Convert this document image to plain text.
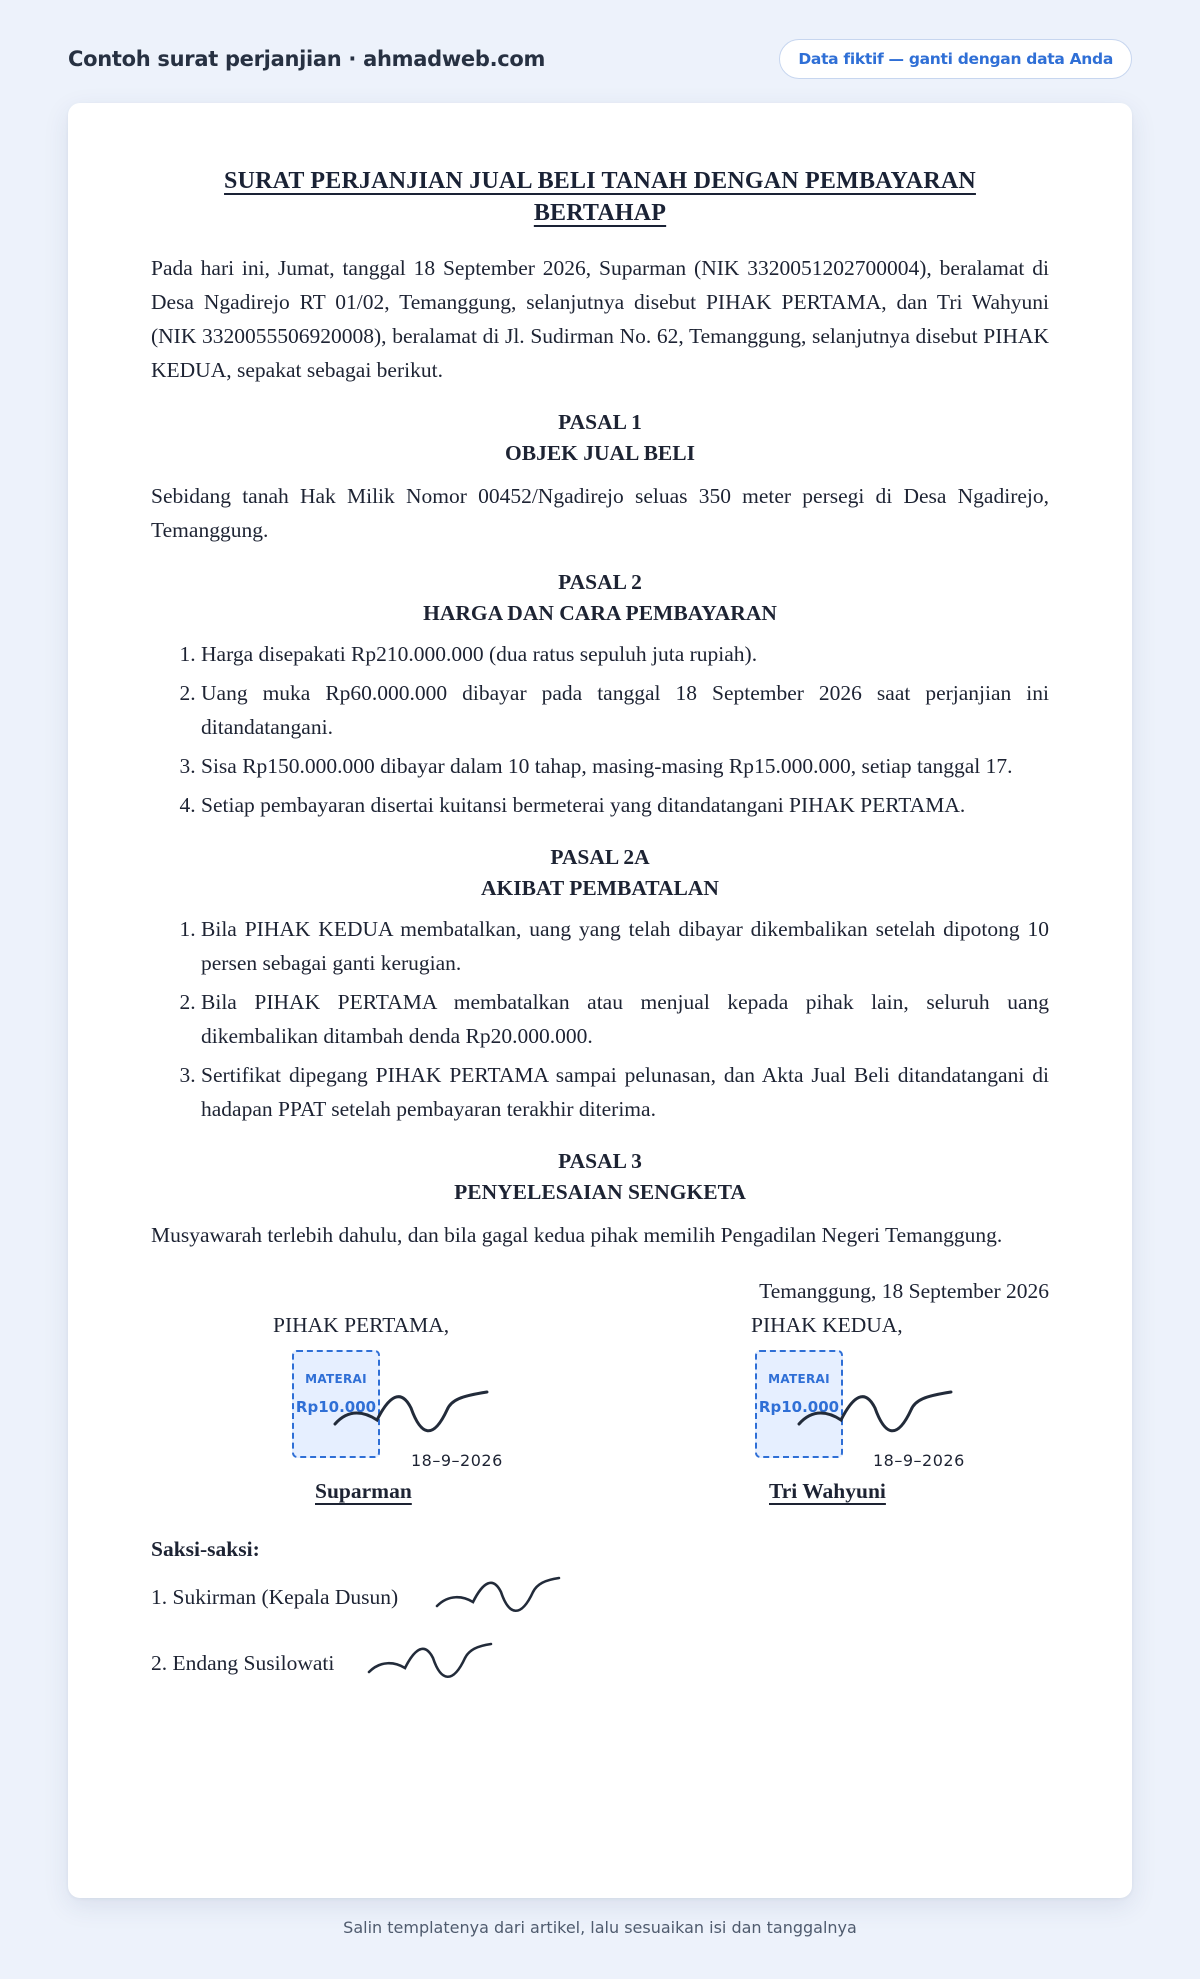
Contoh surat perjanjian · ahmadweb.com	Data fiktif — ganti dengan data Anda
SURAT PERJANJIAN JUAL BELI TANAH DENGAN PEMBAYARAN BERTAHAP

Pada hari ini, Jumat, tanggal 18 September 2026, Suparman (NIK 3320051202700004), beralamat di Desa Ngadirejo RT 01/02, Temanggung, selanjutnya disebut PIHAK PERTAMA, dan Tri Wahyuni (NIK 3320055506920008), beralamat di Jl. Sudirman No. 62, Temanggung, selanjutnya disebut PIHAK KEDUA, sepakat sebagai berikut.

PASAL 1
OBJEK JUAL BELI

Sebidang tanah Hak Milik Nomor 00452/Ngadirejo seluas 350 meter persegi di Desa Ngadirejo, Temanggung.

PASAL 2
HARGA DAN CARA PEMBAYARAN
1. Harga disepakati Rp210.000.000 (dua ratus sepuluh juta rupiah).
2. Uang muka Rp60.000.000 dibayar pada tanggal 18 September 2026 saat perjanjian ini ditandatangani.
3. Sisa Rp150.000.000 dibayar dalam 10 tahap, masing-masing Rp15.000.000, setiap tanggal 17.
4. Setiap pembayaran disertai kuitansi bermeterai yang ditandatangani PIHAK PERTAMA.
PASAL 2A
AKIBAT PEMBATALAN
1. Bila PIHAK KEDUA membatalkan, uang yang telah dibayar dikembalikan setelah dipotong 10 persen sebagai ganti kerugian.
2. Bila PIHAK PERTAMA membatalkan atau menjual kepada pihak lain, seluruh uang dikembalikan ditambah denda Rp20.000.000.
3. Sertifikat dipegang PIHAK PERTAMA sampai pelunasan, dan Akta Jual Beli ditandatangani di hadapan PPAT setelah pembayaran terakhir diterima.
PASAL 3
PENYELESAIAN SENGKETA

Musyawarah terlebih dahulu, dan bila gagal kedua pihak memilih Pengadilan Negeri Temanggung.

Temanggung, 18 September 2026
PIHAK PERTAMA,
MATERAI
Rp10.000
18–9–2026
Suparman
PIHAK KEDUA,
MATERAI
Rp10.000
18–9–2026
Tri Wahyuni
Saksi-saksi:
1. Sukirman (Kepala Dusun)
2. Endang Susilowati
Salin templatenya dari artikel, lalu sesuaikan isi dan tanggalnya
